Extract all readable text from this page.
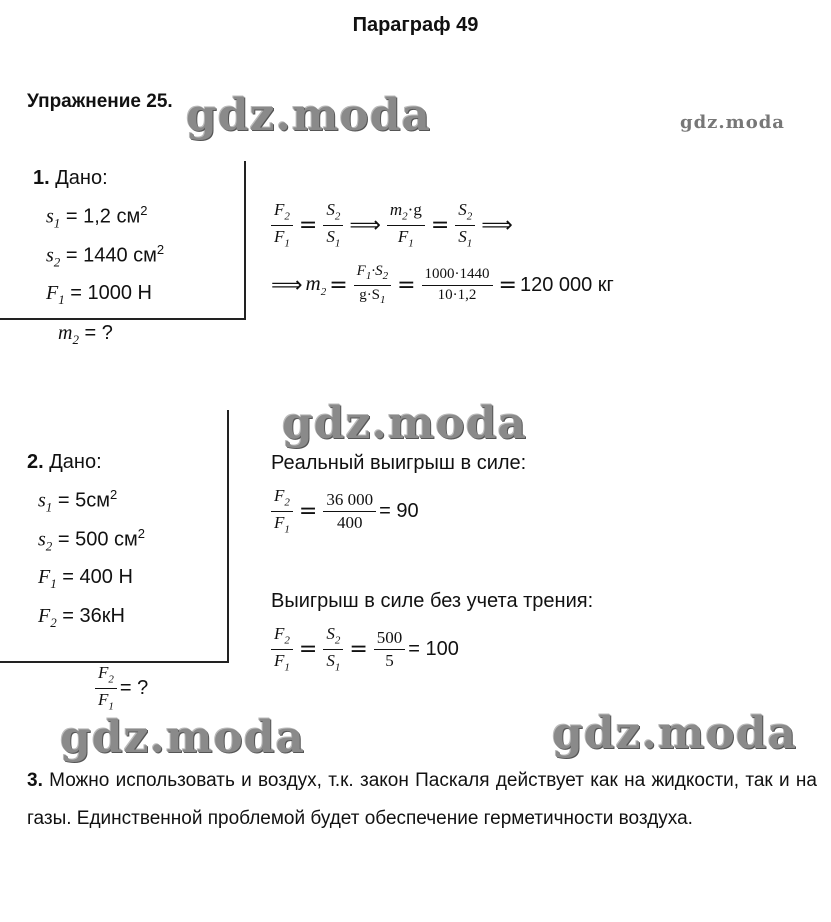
Параграф 49
Упражнение 25. gdz.moda	gdz.moda
gdz.moda
gdz.moda	gdz.moda
1. Дано:
$s_1 = 1,2$ $см^2$
$s_2 = 1440$ $см^2$
$F_1 = 1000$ Н
$m_2$ = ?
$\frac{F_2}{F_1} = \frac{S_2}{S_1}$ ⟹ $\frac{m_2\cdot g}{F_1} = \frac{S_2}{S_1}$ ⟹
⟹ $m_2 = \frac{F_1\cdot S_2}{g\cdot S_1} = \frac{1000\cdot 1440}{10\cdot 1,2} = 120$ 000 кг
2. Дано:
$s_1 = 5см^2$
$s_2 = 500$ $см^2$
$F_1 = 400$ Н
$F_2 = 36кН$
$\frac{F_2}{F_1}$ = ?
Реальный выигрыш в силе:
$\frac{F_2}{F_1} = \frac{36 000}{400} = 90$
Выигрыш в силе без учета трения:
$\frac{F_2}{F_1} = \frac{S_2}{S_1} = \frac{500}{5} = 100$
3. Можно использовать и воздух, т.к. закон Паскаля действует как на жидкости, так и на газы. Единственной проблемой будет обеспечение герметичности воздуха.
